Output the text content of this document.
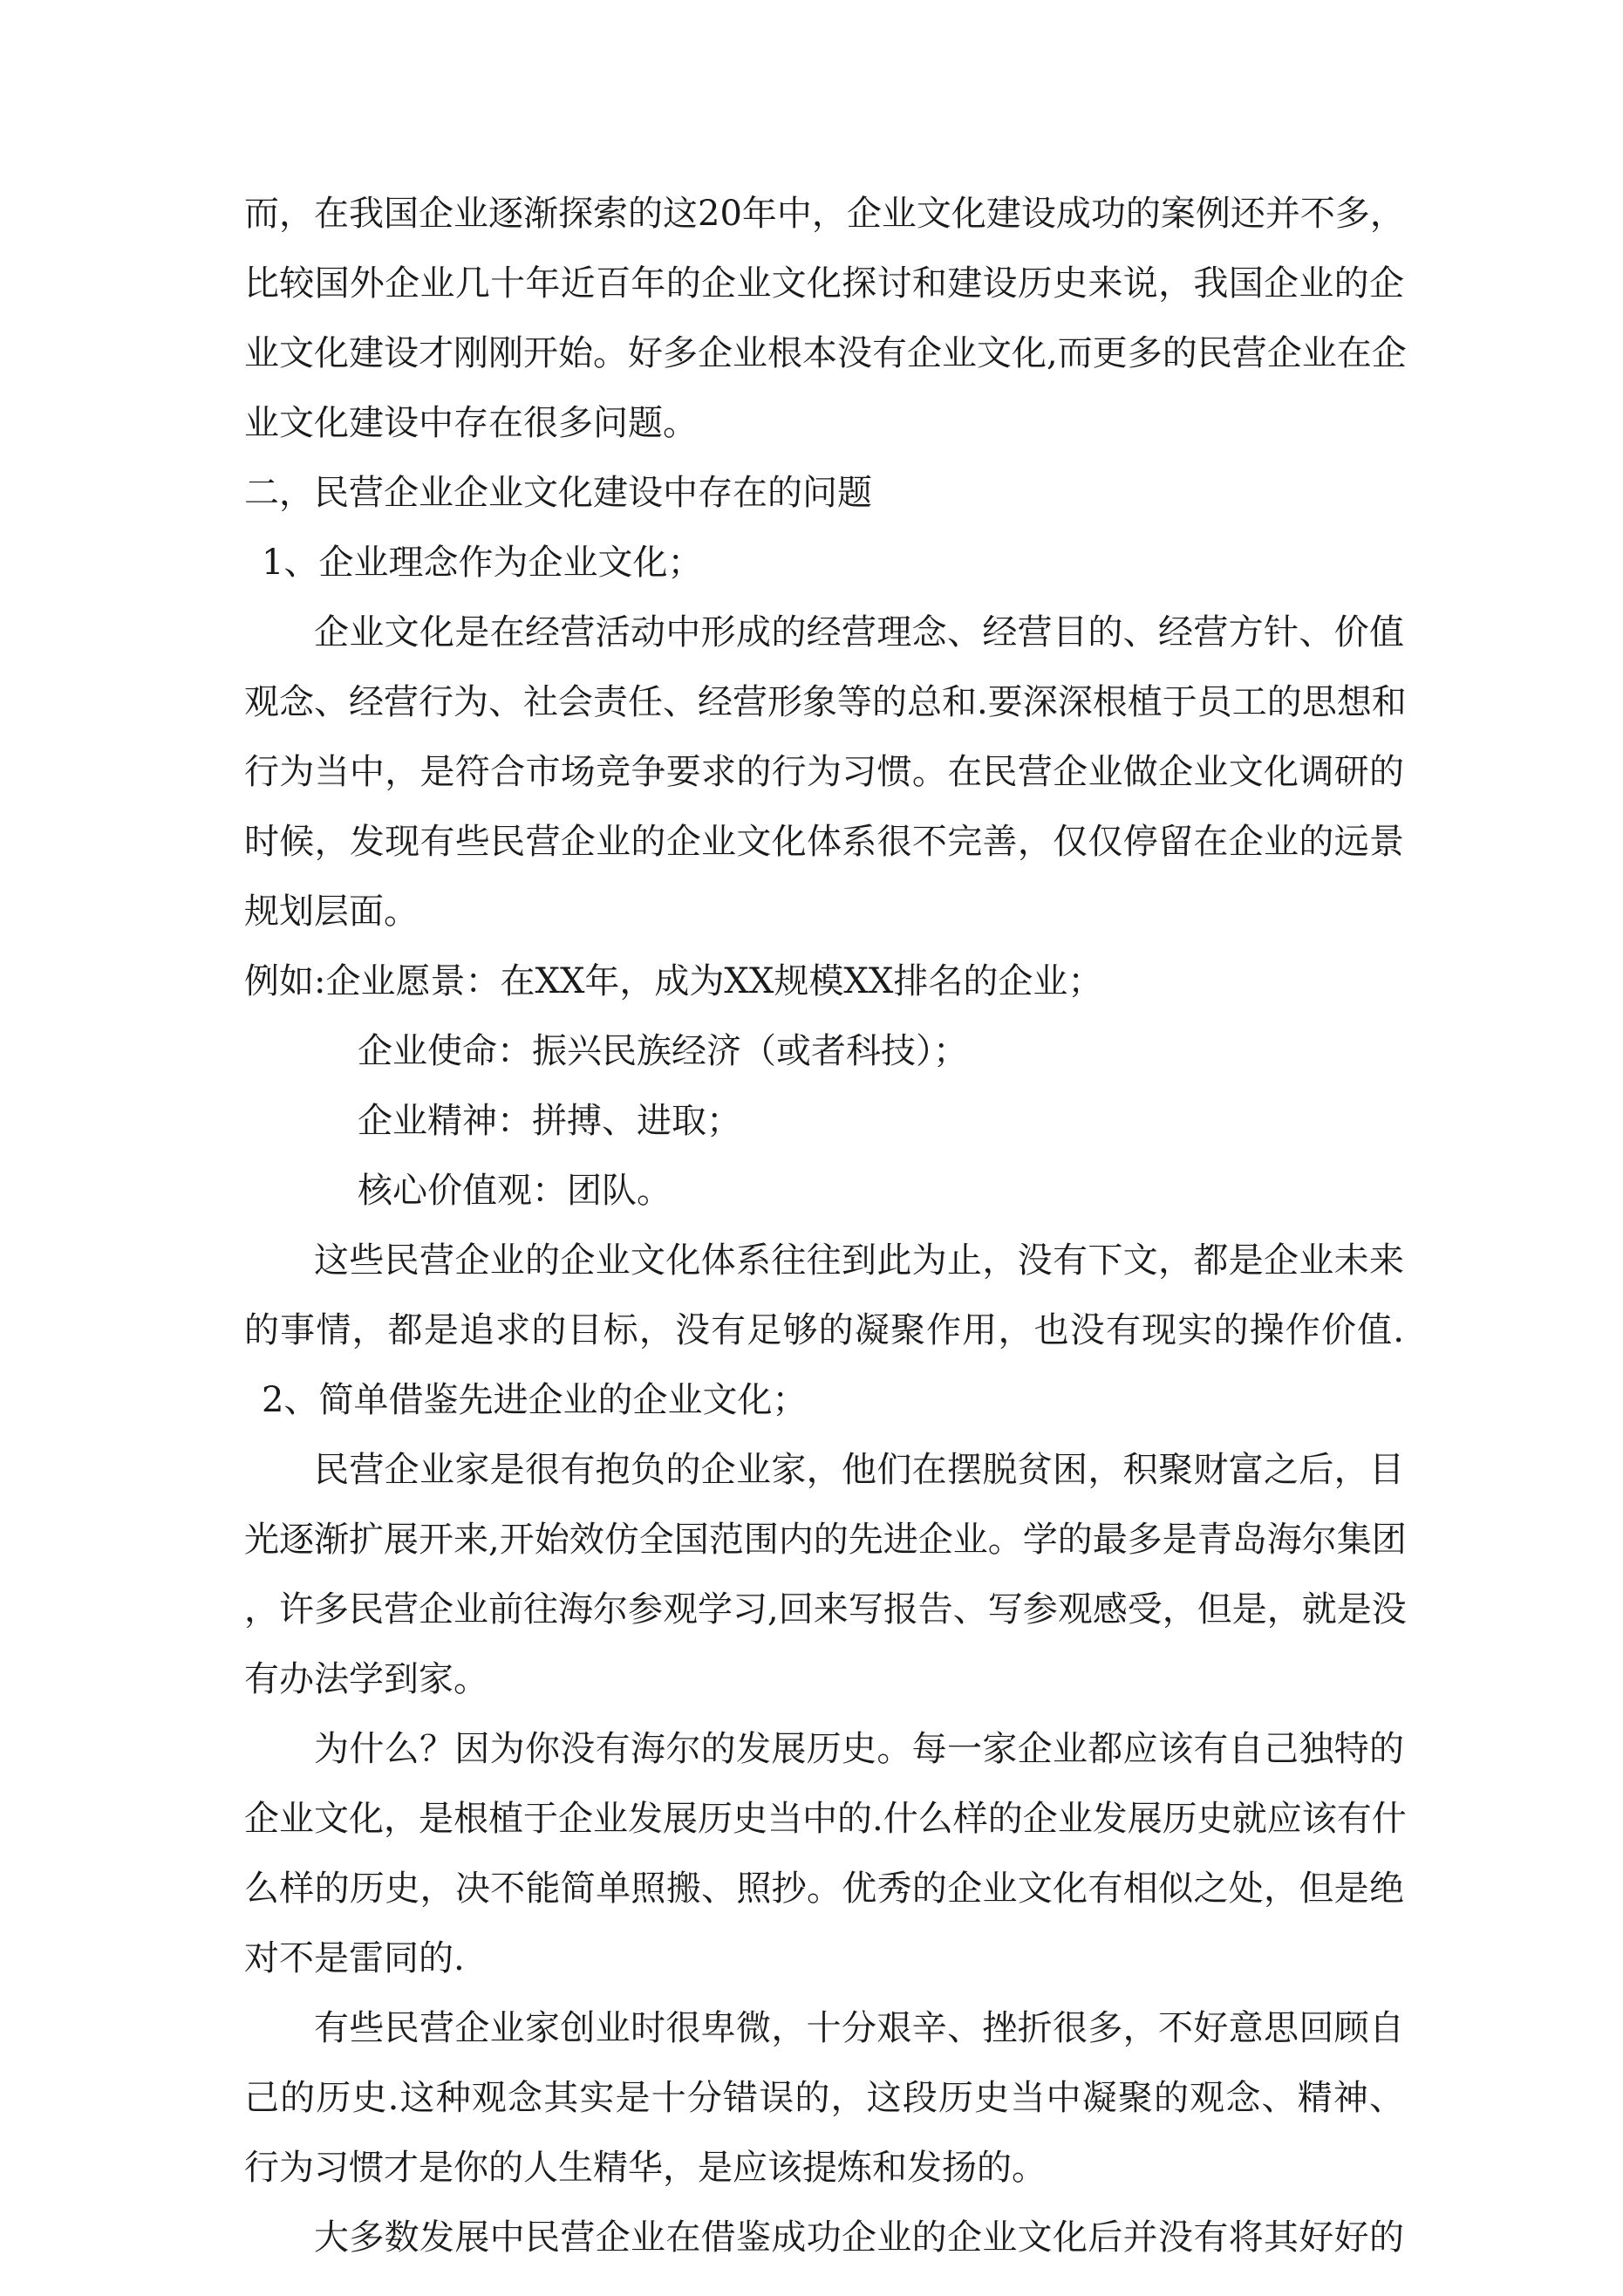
而，在我国企业逐渐探索的这20年中，企业文化建设成功的案例还并不多，
比较国外企业几十年近百年的企业文化探讨和建设历史来说，我国企业的企
业文化建设才刚刚开始。好多企业根本没有企业文化,而更多的民营企业在企
业文化建设中存在很多问题。
二，民营企业企业文化建设中存在的问题
1、企业理念作为企业文化；
企业文化是在经营活动中形成的经营理念、经营目的、经营方针、价值
观念、经营行为、社会责任、经营形象等的总和.要深深根植于员工的思想和
行为当中，是符合市场竞争要求的行为习惯。在民营企业做企业文化调研的
时候，发现有些民营企业的企业文化体系很不完善，仅仅停留在企业的远景
规划层面。
例如:企业愿景：在XX年，成为XX规模XX排名的企业；
企业使命：振兴民族经济（或者科技）；
企业精神：拼搏、进取；
核心价值观：团队。
这些民营企业的企业文化体系往往到此为止，没有下文，都是企业未来
的事情，都是追求的目标，没有足够的凝聚作用，也没有现实的操作价值.
2、简单借鉴先进企业的企业文化；
民营企业家是很有抱负的企业家，他们在摆脱贫困，积聚财富之后，目
光逐渐扩展开来,开始效仿全国范围内的先进企业。学的最多是青岛海尔集团
，许多民营企业前往海尔参观学习,回来写报告、写参观感受，但是，就是没
有办法学到家。
为什么？因为你没有海尔的发展历史。每一家企业都应该有自己独特的
企业文化，是根植于企业发展历史当中的.什么样的企业发展历史就应该有什
么样的历史，决不能简单照搬、照抄。优秀的企业文化有相似之处，但是绝
对不是雷同的.
有些民营企业家创业时很卑微，十分艰辛、挫折很多，不好意思回顾自
己的历史.这种观念其实是十分错误的，这段历史当中凝聚的观念、精神、
行为习惯才是你的人生精华，是应该提炼和发扬的。
大多数发展中民营企业在借鉴成功企业的企业文化后并没有将其好好的
